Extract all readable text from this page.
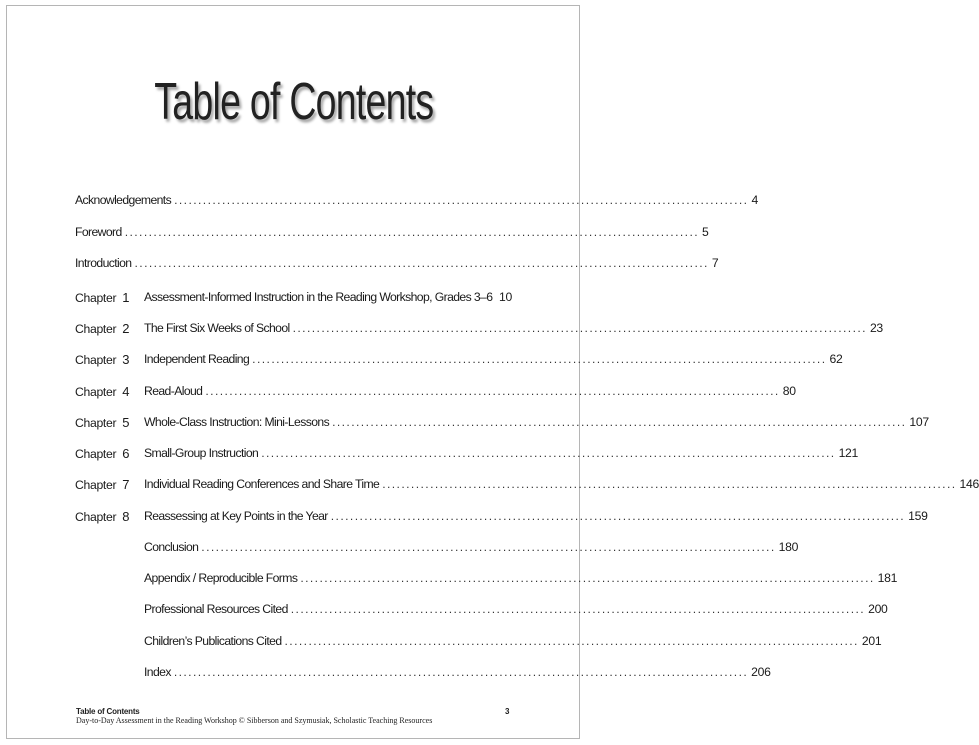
Table of Contents
Acknowledgements ........................................................................................................................ 4
Foreword ........................................................................................................................ 5
Introduction ........................................................................................................................ 7
Chapter 1 Assessment-Informed Instruction in the Reading Workshop, Grades 3–6 10
Chapter 2 The First Six Weeks of School ........................................................................................................................ 23
Chapter 3 Independent Reading ........................................................................................................................ 62
Chapter 4 Read-Aloud ........................................................................................................................ 80
Chapter 5 Whole-Class Instruction: Mini-Lessons ........................................................................................................................ 107
Chapter 6 Small-Group Instruction ........................................................................................................................ 121
Chapter 7 Individual Reading Conferences and Share Time ........................................................................................................................ 146
Chapter 8 Reassessing at Key Points in the Year ........................................................................................................................ 159
Conclusion ........................................................................................................................ 180
Appendix / Reproducible Forms ........................................................................................................................ 181
Professional Resources Cited ........................................................................................................................ 200
Children’s Publications Cited ........................................................................................................................ 201
Index ........................................................................................................................ 206
Table of Contents
Day-to-Day Assessment in the Reading Workshop © Sibberson and Szymusiak, Scholastic Teaching Resources
3
